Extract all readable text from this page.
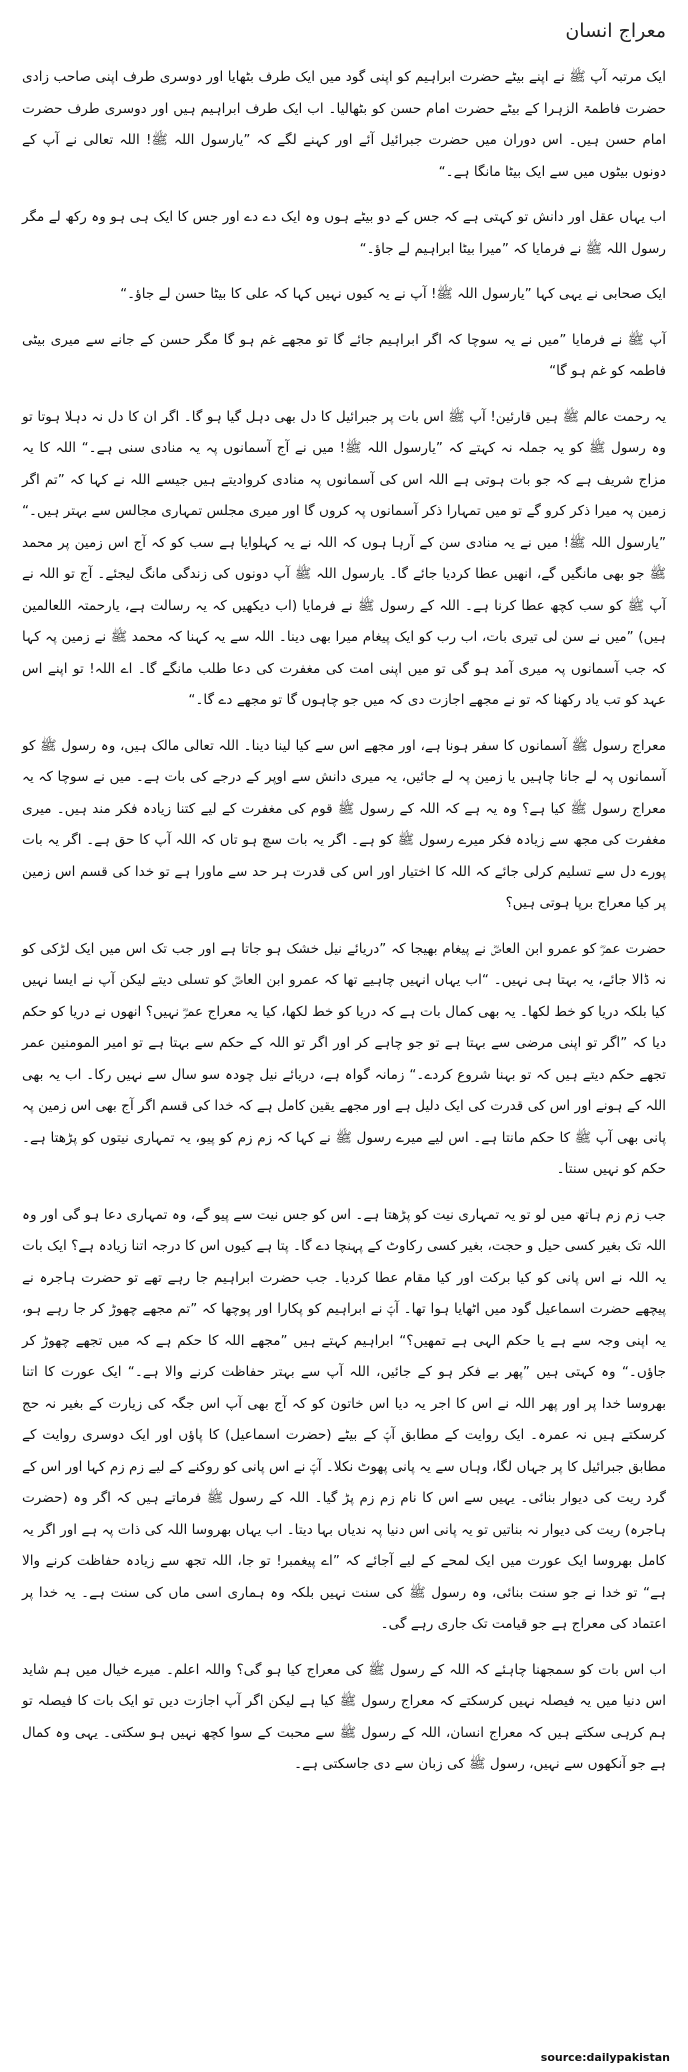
معراج انسان

ایک مرتبہ آپ ﷺ نے اپنے بیٹے حضرت ابراہیم کو اپنی گود میں ایک طرف بٹھایا اور دوسری طرف اپنی صاحب زادی حضرت فاطمۃ الزہرا کے بیٹے حضرت امام حسن کو بٹھالیا۔ اب ایک طرف ابراہیم ہیں اور دوسری طرف حضرت امام حسن ہیں۔ اس دوران میں حضرت جبرائیل آئے اور کہنے لگے کہ ”یارسول اللہ ﷺ! اللہ تعالی نے آپ کے دونوں بیٹوں میں سے ایک بیٹا مانگا ہے۔“

اب یہاں عقل اور دانش تو کہتی ہے کہ جس کے دو بیٹے ہوں وہ ایک دے دے اور جس کا ایک ہی ہو وہ رکھ لے مگر رسول اللہ ﷺ نے فرمایا کہ ”میرا بیٹا ابراہیم لے جاؤ۔“

ایک صحابی نے یہی کہا ”یارسول اللہ ﷺ! آپ نے یہ کیوں نہیں کہا کہ علی کا بیٹا حسن لے جاؤ۔“

آپ ﷺ نے فرمایا ”میں نے یہ سوچا کہ اگر ابراہیم جائے گا تو مجھے غم ہو گا مگر حسن کے جانے سے میری بیٹی فاطمہ کو غم ہو گا“

یہ رحمت عالم ﷺ ہیں قارئین! آپ ﷺ اس بات پر جبرائیل کا دل بھی دہل گیا ہو گا۔ اگر ان کا دل نہ دہلا ہوتا تو وہ رسول ﷺ کو یہ جملہ نہ کہتے کہ ”یارسول اللہ ﷺ! میں نے آج آسمانوں پہ یہ منادی سنی ہے۔“ اللہ کا یہ مزاج شریف ہے کہ جو بات ہوتی ہے اللہ اس کی آسمانوں پہ منادی کروادیتے ہیں جیسے اللہ نے کہا کہ ”تم اگر زمین پہ میرا ذکر کرو گے تو میں تمہارا ذکر آسمانوں پہ کروں گا اور میری مجلس تمہاری مجالس سے بہتر ہیں۔“ ”یارسول اللہ ﷺ! میں نے یہ منادی سن کے آرہا ہوں کہ اللہ نے یہ کہلوایا ہے سب کو کہ آج اس زمین پر محمد ﷺ جو بھی مانگیں گے، انھیں عطا کردیا جائے گا۔ یارسول اللہ ﷺ آپ دونوں کی زندگی مانگ لیجئے۔ آج تو اللہ نے آپ ﷺ کو سب کچھ عطا کرنا ہے۔ اللہ کے رسول ﷺ نے فرمایا (اب دیکھیں کہ یہ رسالت ہے، یارحمتہ اللعالمین ہیں) ”میں نے سن لی تیری بات، اب رب کو ایک پیغام میرا بھی دینا۔ اللہ سے یہ کہنا کہ محمد ﷺ نے زمین پہ کہا کہ جب آسمانوں پہ میری آمد ہو گی تو میں اپنی امت کی مغفرت کی دعا طلب مانگے گا۔ اے اللہ! تو اپنے اس عہد کو تب یاد رکھنا کہ تو نے مجھے اجازت دی کہ میں جو چاہوں گا تو مجھے دے گا۔“

معراج رسول ﷺ آسمانوں کا سفر ہونا ہے، اور مجھے اس سے کیا لینا دینا۔ اللہ تعالی مالک ہیں، وہ رسول ﷺ کو آسمانوں پہ لے جانا چاہیں یا زمین پہ لے جائیں، یہ میری دانش سے اوپر کے درجے کی بات ہے۔ میں نے سوچا کہ یہ معراج رسول ﷺ کیا ہے؟ وہ یہ ہے کہ اللہ کے رسول ﷺ قوم کی مغفرت کے لیے کتنا زیادہ فکر مند ہیں۔ میری مغفرت کی مجھ سے زیادہ فکر میرے رسول ﷺ کو ہے۔ اگر یہ بات سچ ہو تاں کہ اللہ آپ کا حق ہے۔ اگر یہ بات پورے دل سے تسلیم کرلی جائے کہ اللہ کا اختیار اور اس کی قدرت ہر حد سے ماورا ہے تو خدا کی قسم اس زمین پر کیا معراج برپا ہوتی ہیں؟

حضرت عمرؓ کو عمرو ابن العاصؓ نے پیغام بھیجا کہ ”دریائے نیل خشک ہو جاتا ہے اور جب تک اس میں ایک لڑکی کو نہ ڈالا جائے، یہ بہتا ہی نہیں۔ “اب یہاں انہیں چاہیے تھا کہ عمرو ابن العاصؓ کو تسلی دیتے لیکن آپ نے ایسا نہیں کیا بلکہ دریا کو خط لکھا۔ یہ بھی کمال بات ہے کہ دریا کو خط لکھا، کیا یہ معراج عمرؓ نہیں؟ انھوں نے دریا کو حکم دیا کہ ”اگر تو اپنی مرضی سے بہتا ہے تو جو چاہے کر اور اگر تو اللہ کے حکم سے بہتا ہے تو امیر المومنین عمر تجھے حکم دیتے ہیں کہ تو بہنا شروع کردے۔“ زمانہ گواہ ہے، دریائے نیل چودہ سو سال سے نہیں رکا۔ اب یہ بھی اللہ کے ہونے اور اس کی قدرت کی ایک دلیل ہے اور مجھے یقین کامل ہے کہ خدا کی قسم اگر آج بھی اس زمین پہ پانی بھی آپ ﷺ کا حکم مانتا ہے۔ اس لیے میرے رسول ﷺ نے کہا کہ زم زم کو پیو، یہ تمہاری نیتوں کو پڑھتا ہے۔ حکم کو نہیں سنتا۔

جب زم زم ہاتھ میں لو تو یہ تمہاری نیت کو پڑھتا ہے۔ اس کو جس نیت سے پیو گے، وہ تمہاری دعا ہو گی اور وہ اللہ تک بغیر کسی حیل و حجت، بغیر کسی رکاوٹ کے پہنچا دے گا۔ پتا ہے کیوں اس کا درجہ اتنا زیادہ ہے؟ ایک بات یہ اللہ نے اس پانی کو کیا برکت اور کیا مقام عطا کردیا۔ جب حضرت ابراہیم جا رہے تھے تو حضرت ہاجرہ نے پیچھے حضرت اسماعیل گود میں اٹھایا ہوا تھا۔ آپؑ نے ابراہیم کو پکارا اور پوچھا کہ ”تم مجھے چھوڑ کر جا رہے ہو، یہ اپنی وجہ سے ہے یا حکم الہی ہے تمھیں؟“ ابراہیم کہتے ہیں ”مجھے اللہ کا حکم ہے کہ میں تجھے چھوڑ کر جاؤں۔“ وہ کہتی ہیں ”پھر بے فکر ہو کے جائیں، اللہ آپ سے بہتر حفاظت کرنے والا ہے۔“ ایک عورت کا اتنا بھروسا خدا پر اور پھر اللہ نے اس کا اجر یہ دیا اس خاتون کو کہ آج بھی آپ اس جگہ کی زیارت کے بغیر نہ حج کرسکتے ہیں نہ عمرہ۔ ایک روایت کے مطابق آپؑ کے بیٹے (حضرت اسماعیل) کا پاؤں اور ایک دوسری روایت کے مطابق جبرائیل کا پر جہاں لگا، وہاں سے یہ پانی پھوٹ نکلا۔ آپؑ نے اس پانی کو روکنے کے لیے زم زم کہا اور اس کے گرد ریت کی دیوار بنائی۔ یہیں سے اس کا نام زم زم پڑ گیا۔ اللہ کے رسول ﷺ فرماتے ہیں کہ اگر وہ (حضرت ہاجرہ) ریت کی دیوار نہ بناتیں تو یہ پانی اس دنیا پہ ندیاں بہا دیتا۔ اب یہاں بھروسا اللہ کی ذات پہ ہے اور اگر یہ کامل بھروسا ایک عورت میں ایک لمحے کے لیے آجائے کہ ”اے پیغمبر! تو جا، اللہ تجھ سے زیادہ حفاظت کرنے والا ہے“ تو خدا نے جو سنت بنائی، وہ رسول ﷺ کی سنت نہیں بلکہ وہ ہماری اسی ماں کی سنت ہے۔ یہ خدا پر اعتماد کی معراج ہے جو قیامت تک جاری رہے گی۔

اب اس بات کو سمجھنا چاہئے کہ اللہ کے رسول ﷺ کی معراج کیا ہو گی؟ واللہ اعلم۔ میرے خیال میں ہم شاید اس دنیا میں یہ فیصلہ نہیں کرسکتے کہ معراج رسول ﷺ کیا ہے لیکن اگر آپ اجازت دیں تو ایک بات کا فیصلہ تو ہم کرہی سکتے ہیں کہ معراج انسان، اللہ کے رسول ﷺ سے محبت کے سوا کچھ نہیں ہو سکتی۔ یہی وہ کمال ہے جو آنکھوں سے نہیں، رسول ﷺ کی زبان سے دی جاسکتی ہے۔

source:dailypakistan
